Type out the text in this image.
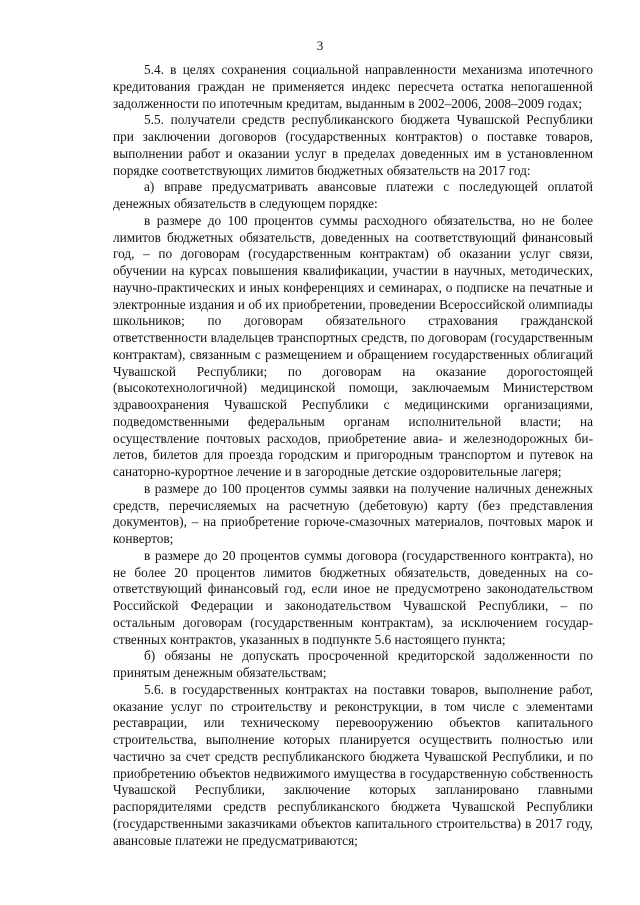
3

5.4. в целях сохранения социальной направленности механизма ипотечного кредитования граждан не применяется индекс пересчета остатка непогашенной задолженности по ипотечным кредитам, выданным в 2002–2006, 2008–2009 годах;

5.5. получатели средств республиканского бюджета Чувашской Республики при заключении договоров (государственных контрактов) о поставке товаров, выполнении работ и оказании услуг в пределах доведенных им в установленном порядке соответствующих лимитов бюджетных обязательств на 2017 год:

а) вправе предусматривать авансовые платежи с последующей оплатой денежных обязательств в следующем порядке:

в размере до 100 процентов суммы расходного обязательства, но не более лимитов бюджетных обязательств, доведенных на соответствующий финансовый год, – по договорам (государственным контрактам) об оказании услуг связи, обучении на курсах повышения квалификации, участии в научных, методических, научно-практических и иных конференциях и семинарах, о подписке на печатные и электронные издания и об их приобретении, проведении Всероссийской олимпиады школьников; по договорам обязательного страхования гражданской ответственности владельцев транспортных средств, по договорам (государственным контрактам), связанным с размещением и обращением государственных облигаций Чувашской Республики; по договорам на оказание дорогостоящей (высокотехнологичной) медицинской помощи, заключаемым Министерством здравоохранения Чувашской Республики с медицинскими организациями, подведомственными федеральным органам исполнительной власти; на осуществление почтовых расходов, приобретение авиа- и железнодорожных билетов, билетов для проезда городским и пригородным транспортом и путевок на санаторно-курортное лечение и в загородные детские оздоровительные лагеря;

в размере до 100 процентов суммы заявки на получение наличных денежных средств, перечисляемых на расчетную (дебетовую) карту (без представления документов), – на приобретение горюче-смазочных материалов, почтовых марок и конвертов;

в размере до 20 процентов суммы договора (государственного контракта), но не более 20 процентов лимитов бюджетных обязательств, доведенных на соответствующий финансовый год, если иное не предусмотрено законодательством Российской Федерации и законодательством Чувашской Республики, – по остальным договорам (государственным контрактам), за исключением государственных контрактов, указанных в подпункте 5.6 настоящего пункта;

б) обязаны не допускать просроченной кредиторской задолженности по принятым денежным обязательствам;

5.6. в государственных контрактах на поставки товаров, выполнение работ, оказание услуг по строительству и реконструкции, в том числе с элементами реставрации, или техническому перевооружению объектов капитального строительства, выполнение которых планируется осуществить полностью или частично за счет средств республиканского бюджета Чувашской Республики, и по приобретению объектов недвижимого имущества в государственную собственность Чувашской Республики, заключение которых запланировано главными распорядителями средств республиканского бюджета Чувашской Республики (государственными заказчиками объектов капитального строительства) в 2017 году, авансовые платежи не предусматриваются;
